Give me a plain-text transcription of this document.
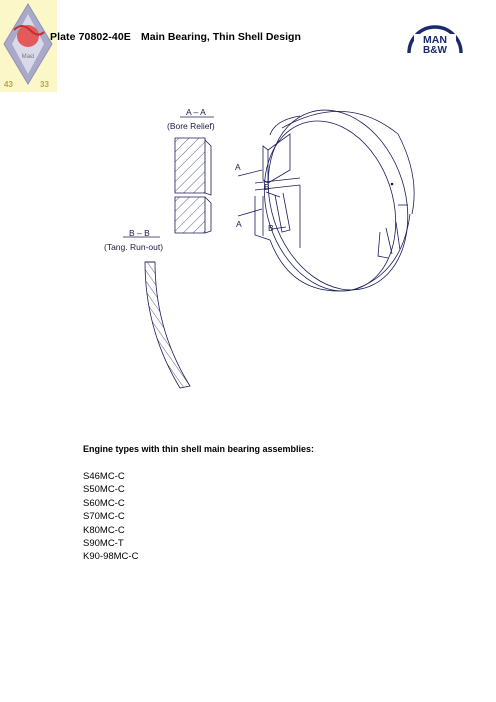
Маєі
43	33
Plate 70802-40E Main Bearing, Thin Shell Design	MAN
B&W
A – A
(Bore Relief)
B – B
(Tang. Run-out)
A
B
A	B
Engine types with thin shell main bearing assemblies:
S46MC-C
S50MC-C
S60MC-C
S70MC-C
K80MC-C
S90MC-T
K90-98MC-C
